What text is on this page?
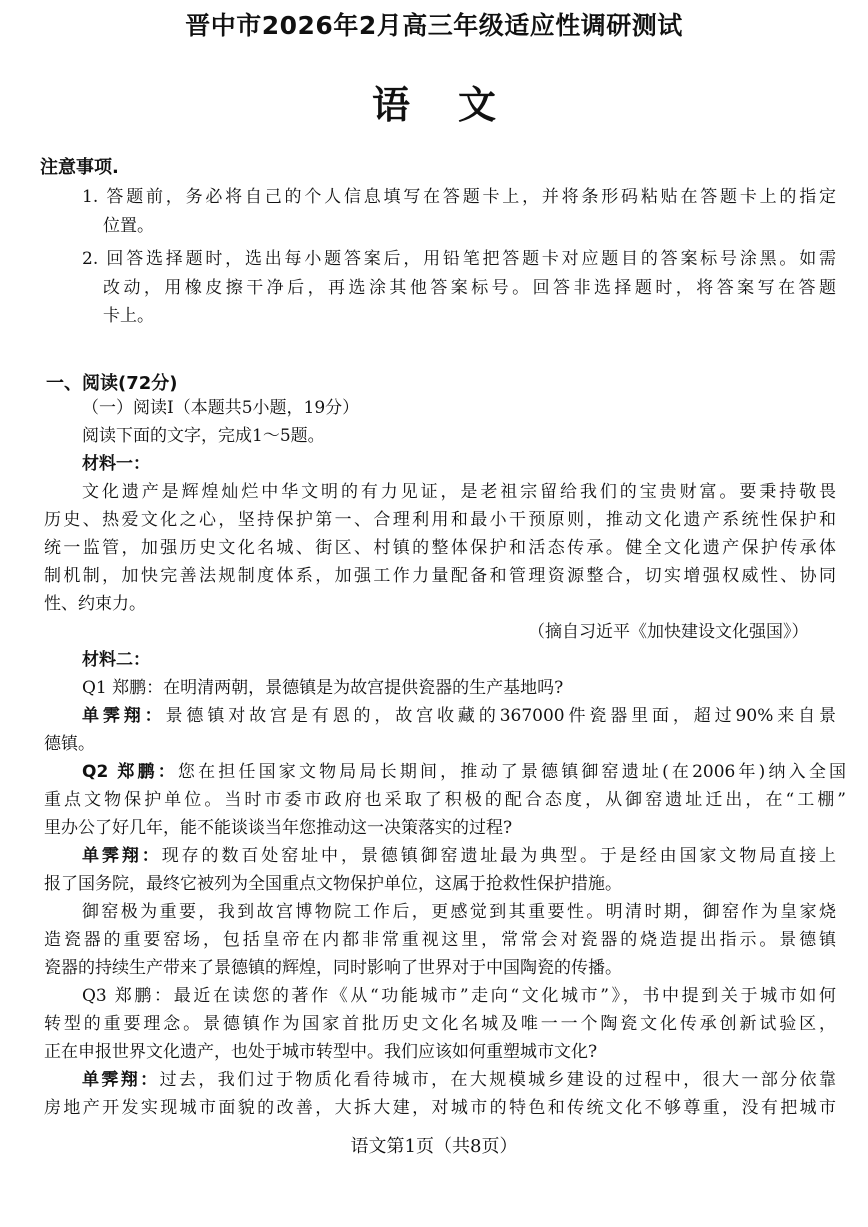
晋中市2026年2月高三年级适应性调研测试
语文
注意事项.
1. 答题前，务必将自己的个人信息填写在答题卡上，并将条形码粘贴在答题卡上的指定
位置。
2. 回答选择题时，选出每小题答案后，用铅笔把答题卡对应题目的答案标号涂黑。如需
改动，用橡皮擦干净后，再选涂其他答案标号。回答非选择题时，将答案写在答题
卡上。
一、阅读(72分)
（一）阅读I（本题共5小题，19分）
阅读下面的文字，完成1～5题。
材料一：
文化遗产是辉煌灿烂中华文明的有力见证，是老祖宗留给我们的宝贵财富。要秉持敬畏
历史、热爱文化之心，坚持保护第一、合理利用和最小干预原则，推动文化遗产系统性保护和
统一监管，加强历史文化名城、街区、村镇的整体保护和活态传承。健全文化遗产保护传承体
制机制，加快完善法规制度体系，加强工作力量配备和管理资源整合，切实增强权威性、协同
性、约束力。
（摘自习近平《加快建设文化强国》）
材料二：
Q1 郑鹏：在明清两朝，景德镇是为故宫提供瓷器的生产基地吗?
单霁翔：景德镇对故宫是有恩的，故宫收藏的367000件瓷器里面，超过90%来自景
德镇。
Q2 郑鹏：您在担任国家文物局局长期间，推动了景德镇御窑遗址(在2006年)纳入全国
重点文物保护单位。当时市委市政府也采取了积极的配合态度，从御窑遗址迁出，在“工棚”
里办公了好几年，能不能谈谈当年您推动这一决策落实的过程?
单霁翔：现存的数百处窑址中，景德镇御窑遗址最为典型。于是经由国家文物局直接上
报了国务院，最终它被列为全国重点文物保护单位，这属于抢救性保护措施。
御窑极为重要，我到故宫博物院工作后，更感觉到其重要性。明清时期，御窑作为皇家烧
造瓷器的重要窑场，包括皇帝在内都非常重视这里，常常会对瓷器的烧造提出指示。景德镇
瓷器的持续生产带来了景德镇的辉煌，同时影响了世界对于中国陶瓷的传播。
Q3 郑鹏：最近在读您的著作《从“功能城市”走向“文化城市”》，书中提到关于城市如何
转型的重要理念。景德镇作为国家首批历史文化名城及唯一一个陶瓷文化传承创新试验区，
正在申报世界文化遗产，也处于城市转型中。我们应该如何重塑城市文化?
单霁翔：过去，我们过于物质化看待城市，在大规模城乡建设的过程中，很大一部分依靠
房地产开发实现城市面貌的改善，大拆大建，对城市的特色和传统文化不够尊重，没有把城市
语文第1页（共8页）
